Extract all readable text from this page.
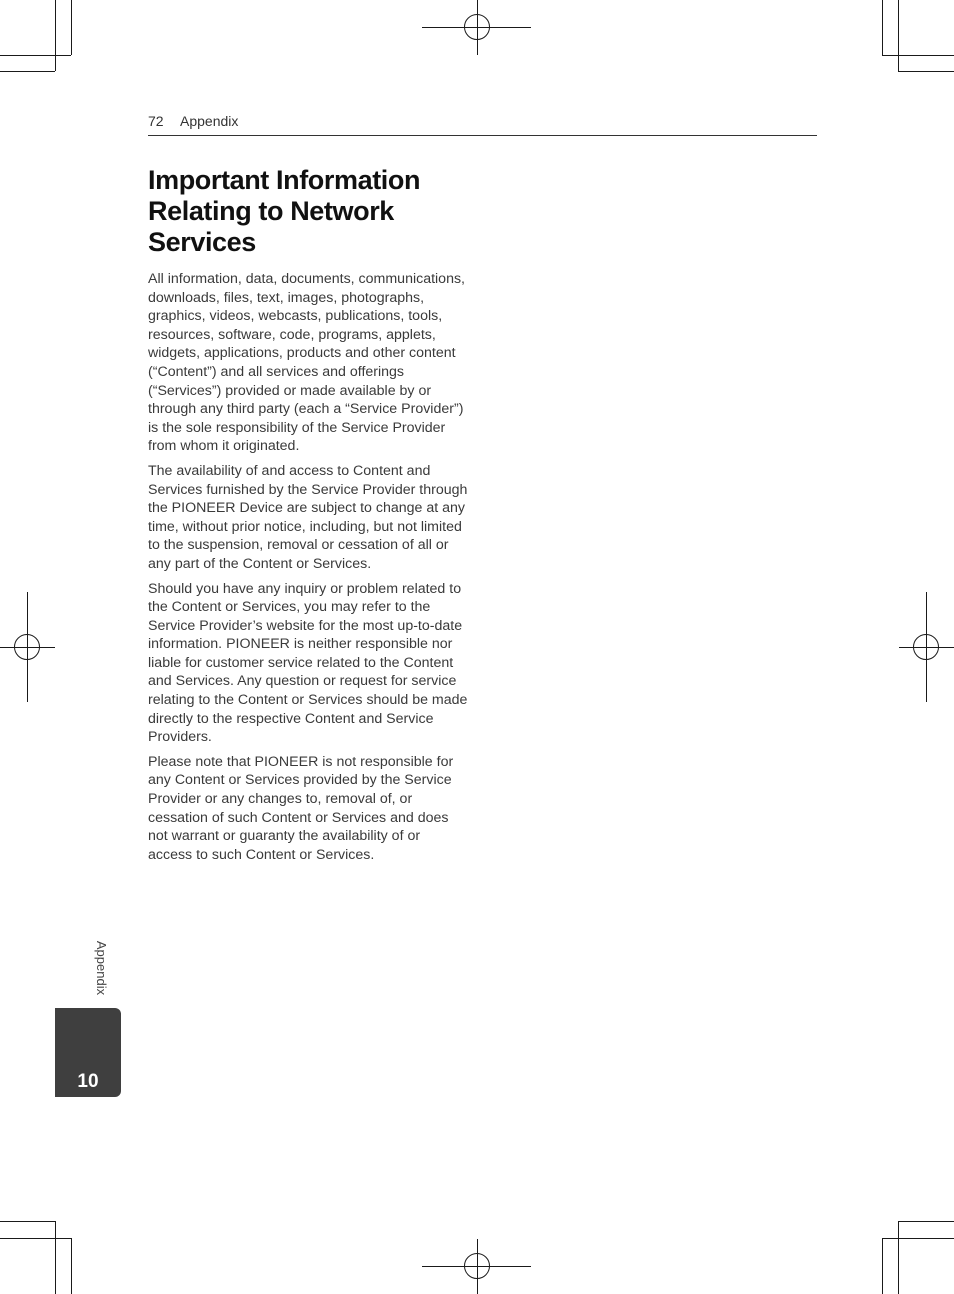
72 Appendix
Important Information Relating to Network Services

All information, data, documents, communications, downloads, files, text, images, photographs, graphics, videos, webcasts, publications, tools, resources, software, code, programs, applets, widgets, applications, products and other content (“Content”) and all services and offerings (“Services”) provided or made available by or through any third party (each a “Service Provider”) is the sole responsibility of the Service Provider from whom it originated.

The availability of and access to Content and Services furnished by the Service Provider through the PIONEER Device are subject to change at any time, without prior notice, including, but not limited to the suspension, removal or cessation of all or any part of the Content or Services.

Should you have any inquiry or problem related to the Content or Services, you may refer to the Service Provider’s website for the most up-to-date information. PIONEER is neither responsible nor liable for customer service related to the Content and Services. Any question or request for service relating to the Content or Services should be made directly to the respective Content and Service Providers.

Please note that PIONEER is not responsible for any Content or Services provided by the Service Provider or any changes to, removal of, or cessation of such Content or Services and does not warrant or guaranty the availability of or access to such Content or Services.

Appendix
10
